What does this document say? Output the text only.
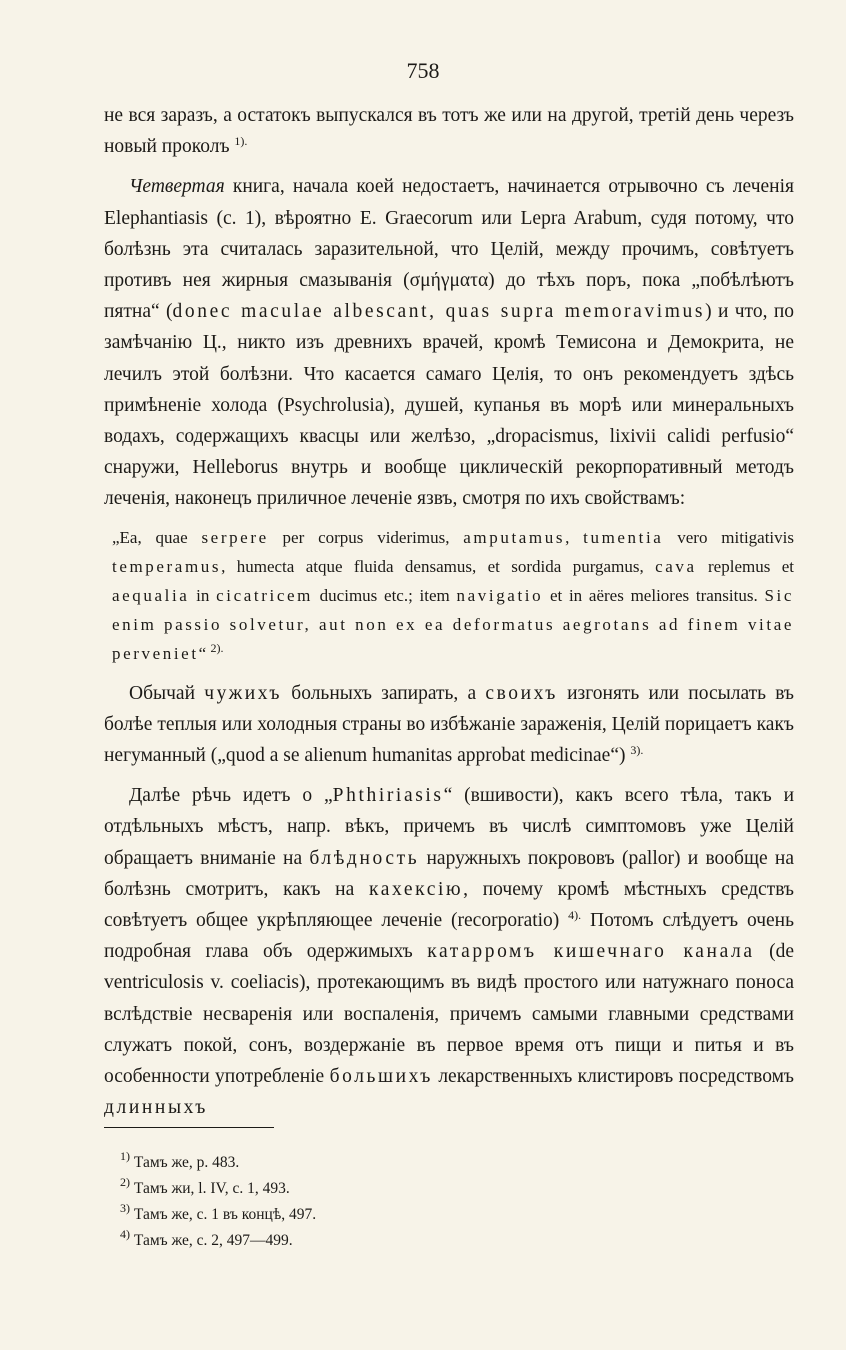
758

не вся заразъ, а остатокъ выпускался въ тотъ же или на другой, третій день черезъ новый проколъ $^{1).}$

Четвертая книга, начала коей недостаетъ, начинается отрывочно съ леченія Elephantiasis (c. 1), вѣроятно E. Graecorum или Lepra Arabum, судя потому, что болѣзнь эта считалась заразительной, что Целій, между прочимъ, совѣтуетъ противъ нея жирныя смазыванія (σμήγματα) до тѣхъ поръ, пока „побѣлѣютъ пятна“ (donec maculae albescant, quas supra memoravimus) и что, по замѣчанію Ц., никто изъ древнихъ врачей, кромѣ Темисона и Демокрита, не лечилъ этой болѣзни. Что касается самаго Целія, то онъ рекомендуетъ здѣсь примѣненіе холода (Psychrolusia), душей, купанья въ морѣ или минеральныхъ водахъ, содержащихъ квасцы или желѣзо, „dropacismus, lixivii calidi perfusio“ снаружи, Helleborus внутрь и вообще циклическій рекорпоративный методъ леченія, наконецъ приличное леченіе язвъ, смотря по ихъ свойствамъ:

„Ea, quae serpere per corpus viderimus, amputamus, tumentia vero mitigativis temperamus, humecta atque fluida densamus, et sordida purgamus, cava replemus et aequalia in cicatricem ducimus etc.; item navigatio et in aëres meliores transitus. Sic enim passio solvetur, aut non ex ea deformatus aegrotans ad finem vitae perveniet“ $^{2).}$

Обычай чужихъ больныхъ запирать, а своихъ изгонять или посылать въ болѣе теплыя или холодныя страны во избѣжаніе зараженія, Целій порицаетъ какъ негуманный („quod a se alienum humanitas approbat medicinae“) $^{3).}$

Далѣе рѣчь идетъ о „Phthiriasis“ (вшивости), какъ всего тѣла, такъ и отдѣльныхъ мѣстъ, напр. вѣкъ, причемъ въ числѣ симптомовъ уже Целій обращаетъ вниманіе на блѣдность наружныхъ покрововъ (pallor) и вообще на болѣзнь смотритъ, какъ на кахексію, почему кромѣ мѣстныхъ средствъ совѣтуетъ общее укрѣпляющее леченіе (recorporatio) $^{4).}$ Потомъ слѣдуетъ очень подробная глава объ одержимыхъ катарромъ кишечнаго канала (de ventriculosis v. coeliacis), протекающимъ въ видѣ простого или натужнаго поноса вслѣдствіе несваренія или воспаленія, причемъ самыми главными средствами служатъ покой, сонъ, воздержаніе въ первое время отъ пищи и питья и въ особенности употребленіе большихъ лекарственныхъ клистировъ посредствомъ длинныхъ

$^{1)}$ Тамъ же, p. 483.
$^{2)}$ Тамъ жи, l. IV, c. 1, 493.
$^{3)}$ Тамъ же, c. 1 въ концѣ, 497.
$^{4)}$ Тамъ же, c. 2, 497—499.
